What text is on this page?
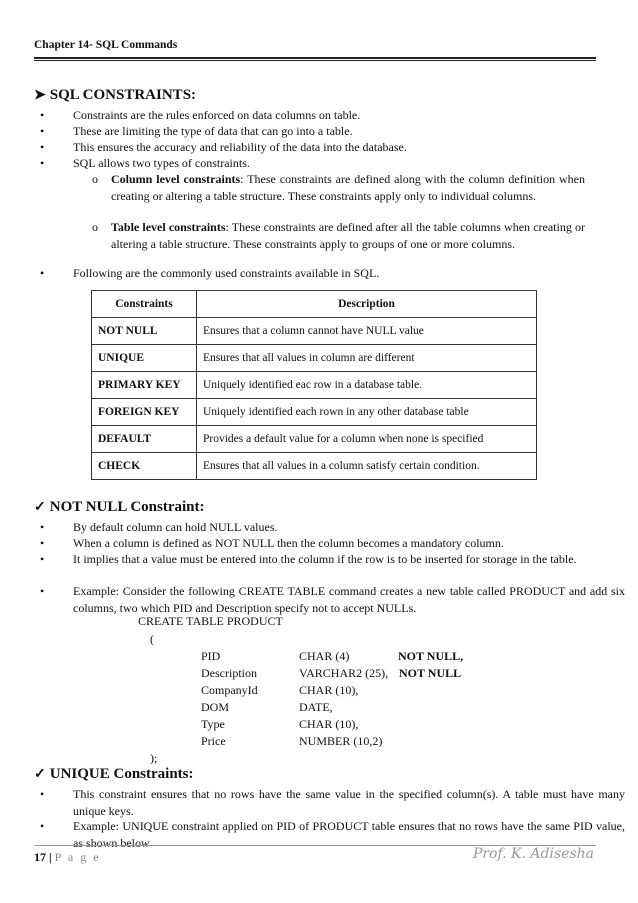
Chapter 14- SQL Commands
➤ SQL CONSTRAINTS:
• Constraints are the rules enforced on data columns on table.
• These are limiting the type of data that can go into a table.
• This ensures the accuracy and reliability of the data into the database.
• SQL allows two types of constraints.
o Column level constraints: These constraints are defined along with the column definition when creating or altering a table structure. These constraints apply only to individual columns.
o Table level constraints: These constraints are defined after all the table columns when creating or altering a table structure. These constraints apply to groups of one or more columns.
• Following are the commonly used constraints available in SQL.
Constraints	Description
NOT NULL	Ensures that a column cannot have NULL value
UNIQUE	Ensures that all values in column are different
PRIMARY KEY	Uniquely identified eac row in a database table.
FOREIGN KEY	Uniquely identified each rown in any other database table
DEFAULT	Provides a default value for a column when none is specified
CHECK	Ensures that all values in a column satisfy certain condition.
✓ NOT NULL Constraint:
• By default column can hold NULL values.
• When a column is defined as NOT NULL then the column becomes a mandatory column.
• It implies that a value must be entered into the column if the row is to be inserted for storage in the table.
• Example: Consider the following CREATE TABLE command creates a new table called PRODUCT and add six columns, two which PID and Description specify not to accept NULLs.
CREATE TABLE PRODUCT
(
PID	CHAR (4)	NOT NULL,
Description	VARCHAR2 (25), NOT NULL
CompanyId	CHAR (10),
DOM	DATE,
Type	CHAR (10),
Price	NUMBER (10,2)
);
✓ UNIQUE Constraints:
• This constraint ensures that no rows have the same value in the specified column(s). A table must have many unique keys.
• Example: UNIQUE constraint applied on PID of PRODUCT table ensures that no rows have the same PID value, as shown below
17 | P a g e	Prof. K. Adisesha
